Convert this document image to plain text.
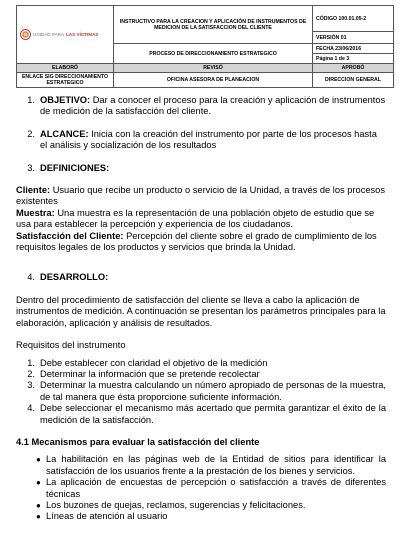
UNIDAD PARA LAS VÍCTIMAS	INSTRUCTIVO PARA LA CREACION Y APLICACIÓN DE INSTRUMENTOS DE MEDICION DE LA SATISFACCION DEL CLIENTE	CÓDIGO 100.01.05-2
		VERSIÓN 01
	PROCESO DE DIRECCIONAMIENTO ESTRATEGICO	FECHA 23/06/2016
		Página 1 de 3
ELABORÓ	REVISÓ	APROBÓ
ENLACE SIG DIRECCIONAMIENTO ESTRATEGICO	OFICINA ASESORA DE PLANEACION	DIRECCION GENERAL
1. OBJETIVO: Dar a conocer el proceso para la creación y aplicación de instrumentos de medición de la satisfacción del cliente.
2. ALCANCE: Inicia con la creación del instrumento por parte de los procesos hasta el análisis y socialización de los resultados
3. DEFINICIONES:

Cliente: Usuario que recibe un producto o servicio de la Unidad, a través de los procesos existentes

Muestra: Una muestra es la representación de una población objeto de estudio que se usa para establecer la percepción y experiencia de los ciudadanos.

Satisfacción del Cliente: Percepción del cliente sobre el grado de cumplimiento de los requisitos legales de los productos y servicios que brinda la Unidad.

4. DESARROLLO:

Dentro del procedimiento de satisfacción del cliente se lleva a cabo la aplicación de instrumentos de medición. A continuación se presentan los parámetros principales para la elaboración, aplicación y análisis de resultados.

Requisitos del instrumento

1. Debe establecer con claridad el objetivo de la medición
2. Determinar la información que se pretende recolectar
3. Determinar la muestra calculando un número apropiado de personas de la muestra, de tal manera que ésta proporcione suficiente información.
4. Debe seleccionar el mecanismo más acertado que permita garantizar el éxito de la medición de la satisfacción.

4.1 Mecanismos para evaluar la satisfacción del cliente

● La habilitación en las páginas web de la Entidad de sitios para identificar la satisfacción de los usuarios frente a la prestación de los bienes y servicios.
● La aplicación de encuestas de percepción o satisfacción a través de diferentes técnicas
● Los buzones de quejas, reclamos, sugerencias y felicitaciones.
● Líneas de atención al usuario
